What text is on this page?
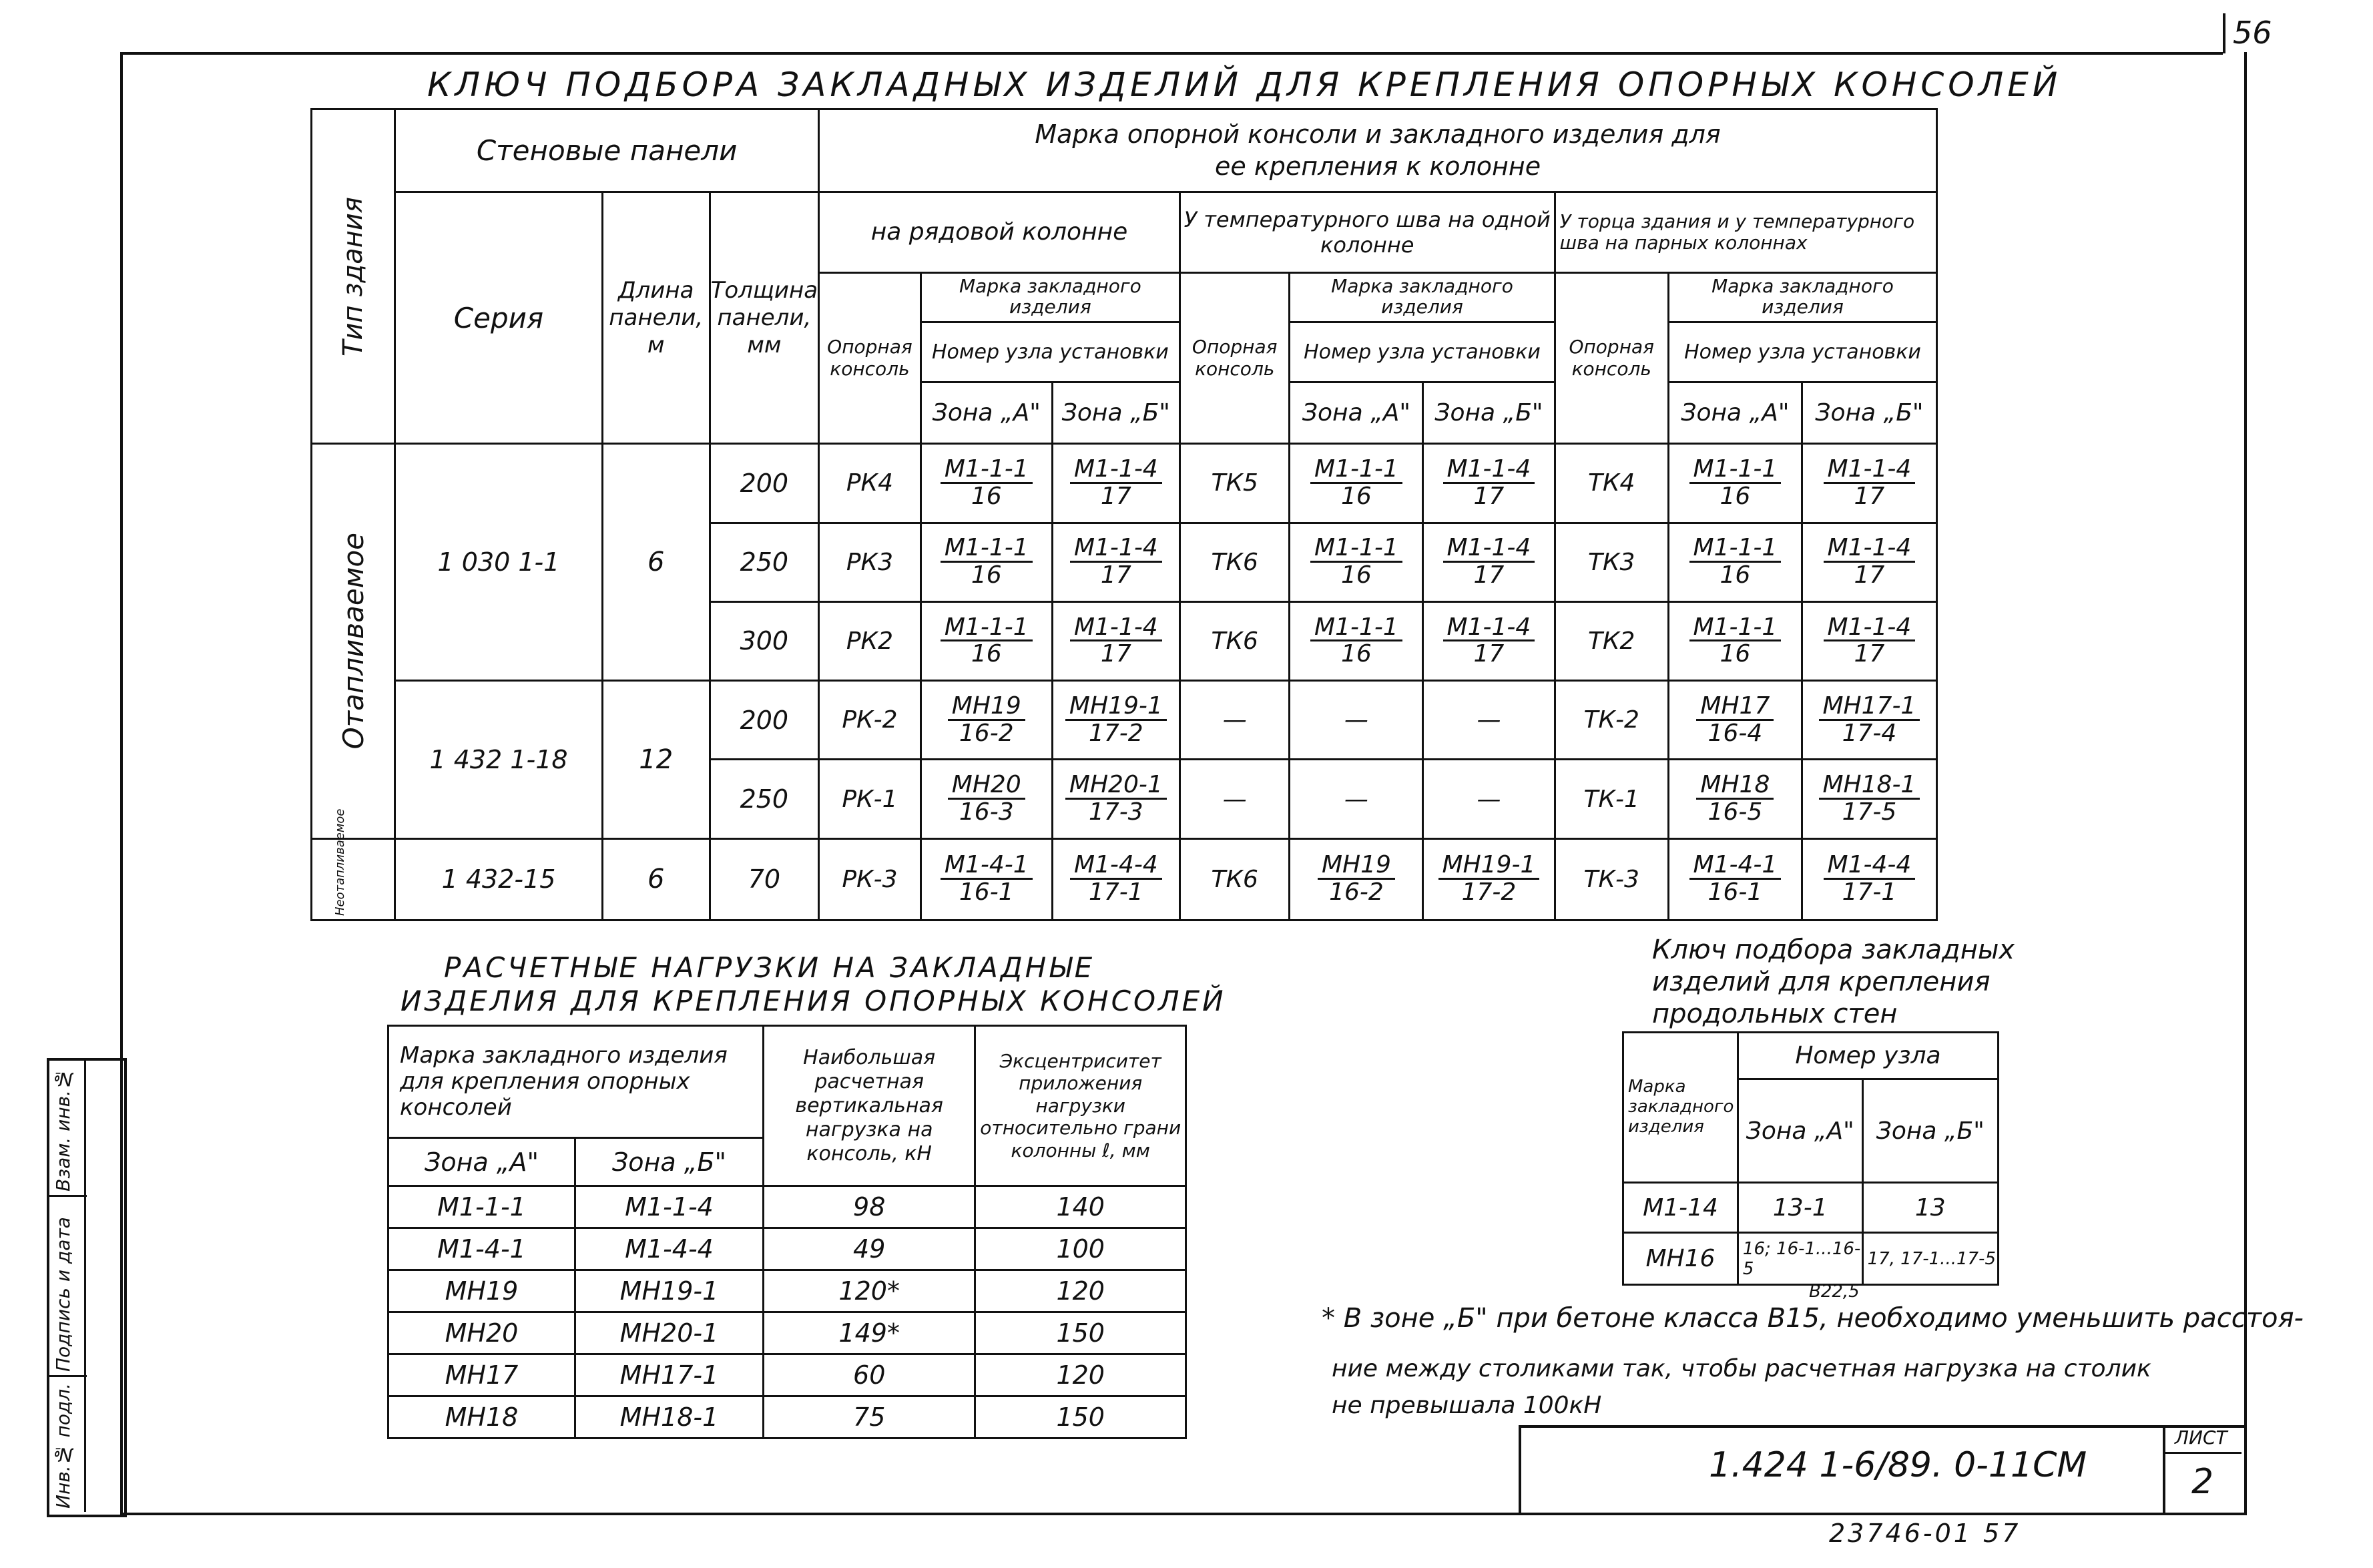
56
КЛЮЧ ПОДБОРА ЗАКЛАДНЫХ ИЗДЕЛИЙ ДЛЯ КРЕПЛЕНИЯ ОПОРНЫХ КОНСОЛЕЙ
Тип здания	Стеновые панели			Марка опорной консоли и закладного изделия для ее крепления к колонне								
	Серия	Длина панели, м	Толщина панели, мм	на рядовой колонне			У температурного шва на одной колонне			У торца здания и у температурного шва на парных колоннах		
				Опорная консоль	Марка закладного изделия		Опорная консоль	Марка закладного изделия		Опорная консоль	Марка закладного изделия	
					Номер узла установки			Номер узла установки			Номер узла установки	
					Зона „А"	Зона „Б"		Зона „А"	Зона „Б"		Зона „А"	Зона „Б"

Отапливаемое	1 030 1-1	6	200	РК4	$\frac{М1-1-1}{16}$	$\frac{М1-1-4}{17}$	ТК5	$\frac{М1-1-1}{16}$	$\frac{М1-1-4}{17}$	ТК4	$\frac{М1-1-1}{16}$	$\frac{М1-1-4}{17}$

			250	РК3	$\frac{М1-1-1}{16}$	$\frac{М1-1-4}{17}$	ТК6	$\frac{М1-1-1}{16}$	$\frac{М1-1-4}{17}$	ТК3	$\frac{М1-1-1}{16}$	$\frac{М1-1-4}{17}$

			300	РК2	$\frac{М1-1-1}{16}$	$\frac{М1-1-4}{17}$	ТК6	$\frac{М1-1-1}{16}$	$\frac{М1-1-4}{17}$	ТК2	$\frac{М1-1-1}{16}$	$\frac{М1-1-4}{17}$

	1 432 1-18	12	200	РК-2	$\frac{МН19}{16-2}$	$\frac{МН19-1}{17-2}$	—	—	—	ТК-2	$\frac{МН17}{16-4}$	$\frac{МН17-1}{17-4}$

			250	РК-1	$\frac{МН20}{16-3}$	$\frac{МН20-1}{17-3}$	—	—	—	ТК-1	$\frac{МН18}{16-5}$	$\frac{МН18-1}{17-5}$

Неотапливаемое	1 432-15	6	70	РК-3	$\frac{М1-4-1}{16-1}$	$\frac{М1-4-4}{17-1}$	ТК6	$\frac{МН19}{16-2}$	$\frac{МН19-1}{17-2}$	ТК-3	$\frac{М1-4-1}{16-1}$	$\frac{М1-4-4}{17-1}$
РАСЧЕТНЫЕ НАГРУЗКИ НА ЗАКЛАДНЫЕ
ИЗДЕЛИЯ ДЛЯ КРЕПЛЕНИЯ ОПОРНЫХ КОНСОЛЕЙ
Марка закладного изделия для крепления опорных консолей		Наибольшая расчетная вертикальная нагрузка на консоль, кН	Эксцентриситет приложения нагрузки относительно грани колонны ℓ, мм
Зона „А"	Зона „Б"		
М1-1-1	М1-1-4	98	140
М1-4-1	М1-4-4	49	100
МН19	МН19-1	120*	120
МН20	МН20-1	149*	150
МН17	МН17-1	60	120
МН18	МН18-1	75	150
Ключ подбора закладных
изделий для крепления
продольных стен
Марка закладного изделия	Номер узла	
	Зона „А"	Зона „Б"
М1-14	13-1	13
МН16	16; 16-1...16-5	17, 17-1...17-5
В22,5
* В зоне „Б" при бетоне класса В15, необходимо уменьшить расстоя-
ние между столиками так, чтобы расчетная нагрузка на столик
не превышала 100кН
1.424 1-6/89. 0-11СМ
ЛИСТ
2
Инв.№ подл.
Подпись и дата
Взам. инв.№
23746-01 57
